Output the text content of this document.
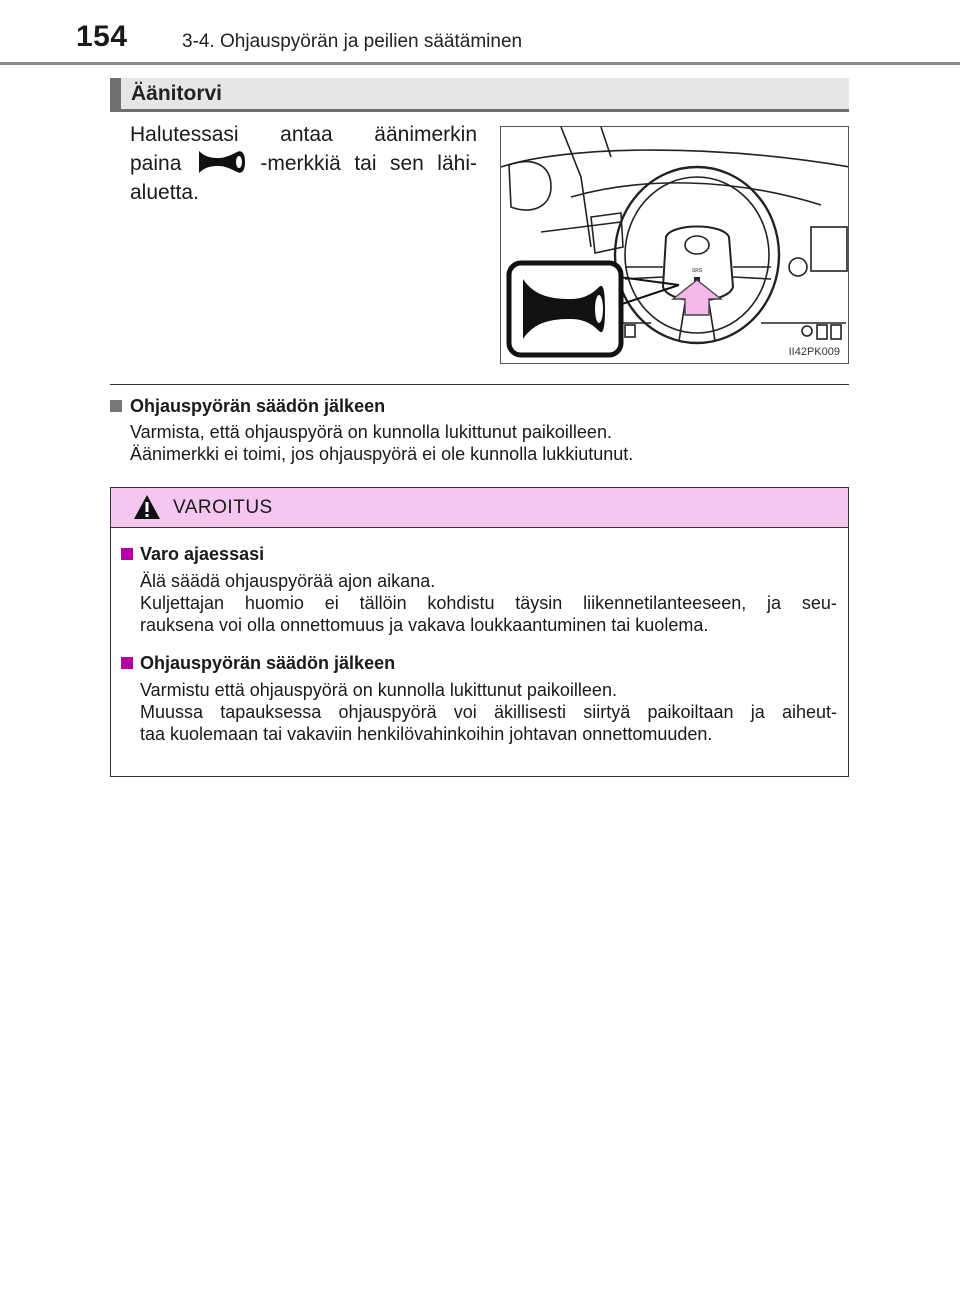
154	3-4. Ohjauspyörän ja peilien säätäminen
Äänitorvi
Halutessasi antaa äänimerkin
paina	-merkkiä tai sen lähi-
aluetta.
SRS
II42PK009
Ohjauspyörän säädön jälkeen
Varmista, että ohjauspyörä on kunnolla lukittunut paikoilleen.
Äänimerkki ei toimi, jos ohjauspyörä ei ole kunnolla lukkiutunut.
VAROITUS
Varo ajaessasi
Älä säädä ohjauspyörää ajon aikana.
Kuljettajan huomio ei tällöin kohdistu täysin liikennetilanteeseen, ja seu-
rauksena voi olla onnettomuus ja vakava loukkaantuminen tai kuolema.
Ohjauspyörän säädön jälkeen
Varmistu että ohjauspyörä on kunnolla lukittunut paikoilleen.
Muussa tapauksessa ohjauspyörä voi äkillisesti siirtyä paikoiltaan ja aiheut-
taa kuolemaan tai vakaviin henkilövahinkoihin johtavan onnettomuuden.
